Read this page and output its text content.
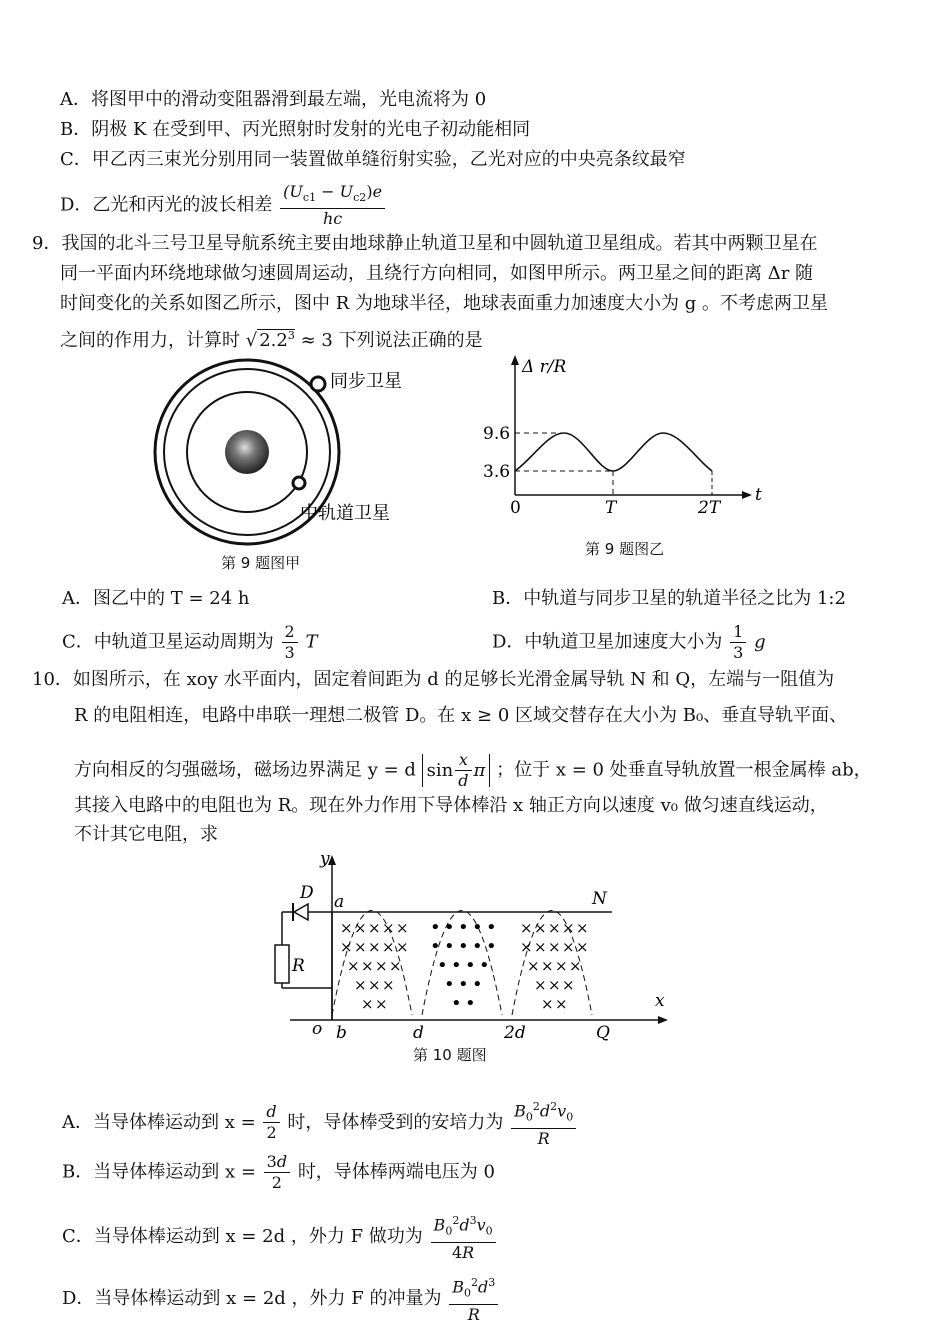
A．将图甲中的滑动变阻器滑到最左端，光电流将为 0
B．阴极 K 在受到甲、丙光照射时发射的光电子初动能相同
C．甲乙丙三束光分别用同一装置做单缝衍射实验，乙光对应的中央亮条纹最窄
D．乙光和丙光的波长相差 $\frac{(U_{c1} - U_{c2})e}{hc}$
9．我国的北斗三号卫星导航系统主要由地球静止轨道卫星和中圆轨道卫星组成。若其中两颗卫星在
同一平面内环绕地球做匀速圆周运动，且绕行方向相同，如图甲所示。两卫星之间的距离 Δr 随
时间变化的关系如图乙所示，图中 R 为地球半径，地球表面重力加速度大小为 g 。不考虑两卫星
之间的作用力，计算时 √ $2.2^3 \approx 3$ 下列说法正确的是
同步卫星
中轨道卫星
第 9 题图甲
Δ r/R
t
9.6
3.6
0	T	2T
第 9 题图乙
A．图乙中的 T = 24 h	B．中轨道与同步卫星的轨道半径之比为 1:2
C．中轨道卫星运动周期为 $\frac{2}{3}$ T	D．中轨道卫星加速度大小为 $\frac{1}{3}$ g
10．如图所示，在 xoy 水平面内，固定着间距为 d 的足够长光滑金属导轨 N 和 Q，左端与一阻值为
R 的电阻相连，电路中串联一理想二极管 D。在 x ≥ 0 区域交替存在大小为 B₀、垂直导轨平面、
方向相反的匀强磁场，磁场边界满足 y = d $\sin \frac{x}{d}$ π ；位于 x = 0 处垂直导轨放置一根金属棒 ab，
其接入电路中的电阻也为 R。现在外力作用下导体棒沿 x 轴正方向以速度 v₀ 做匀速直线运动，
不计其它电阻，求
× × × × ×
× × × × ×
× × × ×
× × ×
× ×
• • • • •
• • • • •
• • • •
• • •
• •
× × × × ×
× × × × ×
× × × ×
× × ×
× ×
y
x
D a	N
R
o b	d	2d	Q
第 10 题图
A．当导体棒运动到 $x = \frac{d}{2}$ 时，导体棒受到的安培力为 $\frac{B_0^2d^2v_0}{R}$
B．当导体棒运动到 $x = \frac{3d}{2}$ 时，导体棒两端电压为 0
C．当导体棒运动到 x = 2d ，外力 F 做功为 $\frac{B_0^2d^3v_0}{4R}$
D．当导体棒运动到 x = 2d ，外力 F 的冲量为 $\frac{B_0^2d^3}{R}$
